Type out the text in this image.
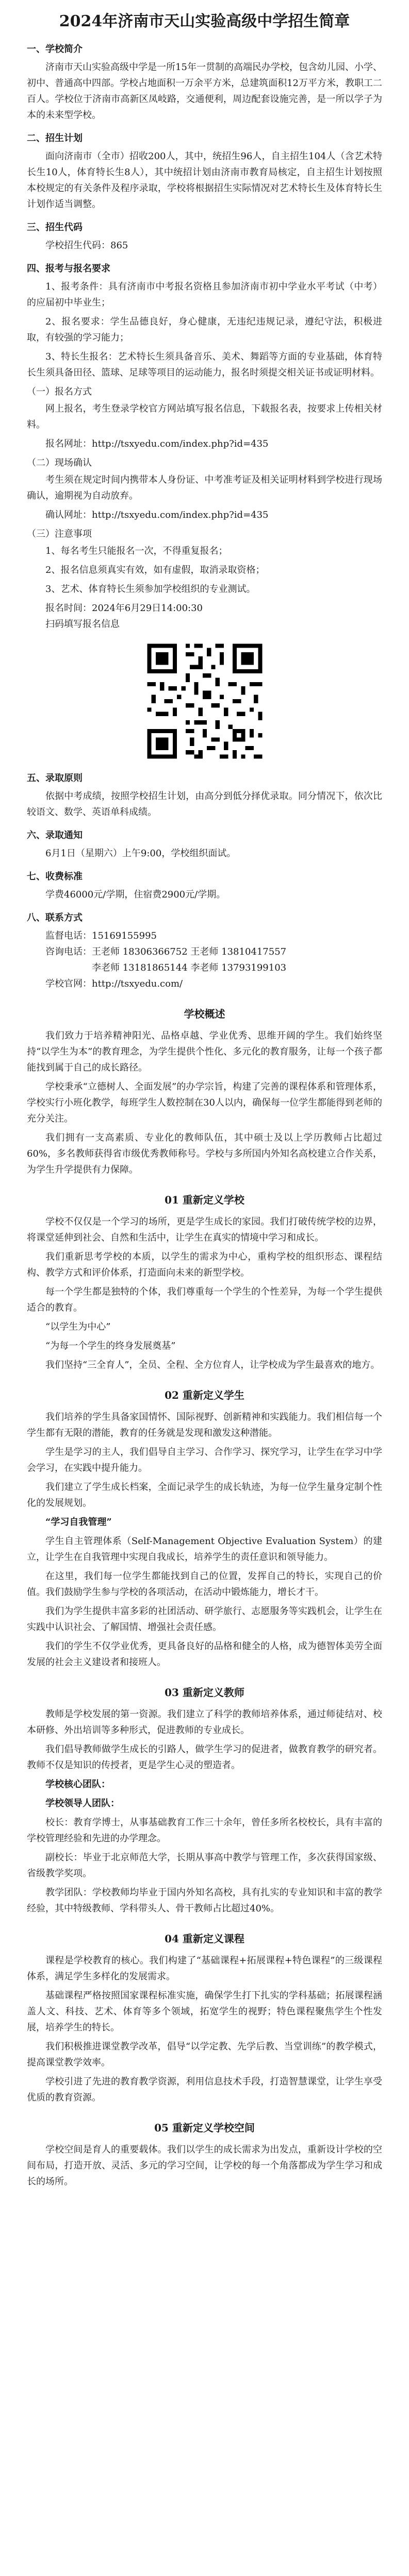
2024年济南市天山实验高级中学招生简章
一、学校简介

济南市天山实验高级中学是一所15年一贯制的高端民办学校，包含幼儿园、小学、初中、普通高中四部。学校占地面积一万余平方米，总建筑面积12万平方米，教职工二百人。学校位于济南市高新区凤岐路，交通便利，周边配套设施完善，是一所以学子为本的未来型学校。

二、招生计划

面向济南市（全市）招收200人，其中，统招生96人，自主招生104人（含艺术特长生10人，体育特长生8人），其中统招计划由济南市教育局核定，自主招生计划按照本校规定的有关条件及程序录取，学校将根据招生实际情况对艺术特长生及体育特长生计划作适当调整。

三、招生代码

学校招生代码：865

四、报考与报名要求

1、报考条件：具有济南市中考报名资格且参加济南市初中学业水平考试（中考）的应届初中毕业生；

2、报名要求：学生品德良好，身心健康，无违纪违规记录，遵纪守法，积极进取，有较强的学习能力；

3、特长生报名：艺术特长生须具备音乐、美术、舞蹈等方面的专业基础，体育特长生须具备田径、篮球、足球等项目的运动能力，报名时须提交相关证书或证明材料。

（一）报名方式

网上报名，考生登录学校官方网站填写报名信息，下载报名表，按要求上传相关材料。

报名网址：http://tsxyedu.com/index.php?id=435

（二）现场确认

考生须在规定时间内携带本人身份证、中考准考证及相关证明材料到学校进行现场确认，逾期视为自动放弃。

确认网址：http://tsxyedu.com/index.php?id=435

（三）注意事项

1、每名考生只能报名一次，不得重复报名；

2、报名信息须真实有效，如有虚假，取消录取资格；

3、艺术、体育特长生须参加学校组织的专业测试。

报名时间：2024年6月29日14:00:30

扫码填写报名信息

五、录取原则

依据中考成绩，按照学校招生计划，由高分到低分择优录取。同分情况下，依次比较语文、数学、英语单科成绩。

六、录取通知

6月1日（星期六）上午9:00，学校组织面试。

七、收费标准

学费46000元/学期，住宿费2900元/学期。

八、联系方式
监督电话： 15169155995
咨询电话： 王老师 18306366752 王老师 13810417557
李老师 13181865144 李老师 13793199103

学校官网：http://tsxyedu.com/

学校概述

我们致力于培养精神阳光、品格卓越、学业优秀、思维开阔的学生。我们始终坚持“以学生为本”的教育理念，为学生提供个性化、多元化的教育服务，让每一个孩子都能找到属于自己的成长路径。

学校秉承“立德树人、全面发展”的办学宗旨，构建了完善的课程体系和管理体系，学校实行小班化教学，每班学生人数控制在30人以内，确保每一位学生都能得到老师的充分关注。

我们拥有一支高素质、专业化的教师队伍，其中硕士及以上学历教师占比超过60%，多名教师获得省市级优秀教师称号。学校与多所国内外知名高校建立合作关系，为学生升学提供有力保障。

01 重新定义学校

学校不仅仅是一个学习的场所，更是学生成长的家园。我们打破传统学校的边界，将课堂延伸到社会、自然和生活中，让学生在真实的情境中学习和成长。

我们重新思考学校的本质，以学生的需求为中心，重构学校的组织形态、课程结构、教学方式和评价体系，打造面向未来的新型学校。

每一个学生都是独特的个体，我们尊重每一个学生的个性差异，为每一个学生提供适合的教育。

“以学生为中心”

“为每一个学生的终身发展奠基”

我们坚持“三全育人”，全员、全程、全方位育人，让学校成为学生最喜欢的地方。

02 重新定义学生

我们培养的学生具备家国情怀、国际视野、创新精神和实践能力。我们相信每一个学生都有无限的潜能，教育的任务就是发现和激发这种潜能。

学生是学习的主人，我们倡导自主学习、合作学习、探究学习，让学生在学习中学会学习，在实践中提升能力。

我们建立了学生成长档案，全面记录学生的成长轨迹，为每一位学生量身定制个性化的发展规划。

“学习自我管理”

学生自主管理体系（Self-Management Objective Evaluation System）的建立，让学生在自我管理中实现自我成长，培养学生的责任意识和领导能力。

在这里，我们每一位学生都能找到自己的位置，发挥自己的特长，实现自己的价值。我们鼓励学生参与学校的各项活动，在活动中锻炼能力，增长才干。

我们为学生提供丰富多彩的社团活动、研学旅行、志愿服务等实践机会，让学生在实践中认识社会、了解国情、增强社会责任感。

我们的学生不仅学业优秀，更具备良好的品格和健全的人格，成为德智体美劳全面发展的社会主义建设者和接班人。

03 重新定义教师

教师是学校发展的第一资源。我们建立了科学的教师培养体系，通过师徒结对、校本研修、外出培训等多种形式，促进教师的专业成长。

我们倡导教师做学生成长的引路人，做学生学习的促进者，做教育教学的研究者。教师不仅是知识的传授者，更是学生心灵的塑造者。

学校核心团队：

学校领导人团队：

校长：教育学博士，从事基础教育工作三十余年，曾任多所名校校长，具有丰富的学校管理经验和先进的办学理念。

副校长：毕业于北京师范大学，长期从事高中教学与管理工作，多次获得国家级、省级教学奖项。

教学团队：学校教师均毕业于国内外知名高校，具有扎实的专业知识和丰富的教学经验，其中特级教师、学科带头人、骨干教师占比超过40%。

04 重新定义课程

课程是学校教育的核心。我们构建了“基础课程+拓展课程+特色课程”的三级课程体系，满足学生多样化的发展需求。

基础课程严格按照国家课程标准实施，确保学生打下扎实的学科基础；拓展课程涵盖人文、科技、艺术、体育等多个领域，拓宽学生的视野；特色课程聚焦学生个性发展，培养学生的特长。

我们积极推进课堂教学改革，倡导“以学定教、先学后教、当堂训练”的教学模式，提高课堂教学效率。

学校引进了先进的教育教学资源，利用信息技术手段，打造智慧课堂，让学生享受优质的教育资源。

05 重新定义学校空间

学校空间是育人的重要载体。我们以学生的成长需求为出发点，重新设计学校的空间布局，打造开放、灵活、多元的学习空间，让学校的每一个角落都成为学生学习和成长的场所。
